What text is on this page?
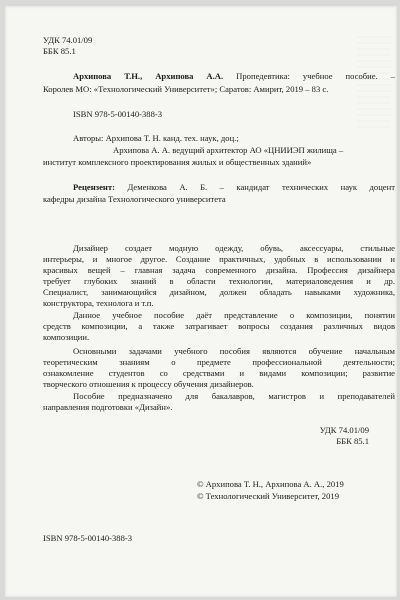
УДК 74.01/09

ББК 85.1

Архипова Т.Н., Архипова А.А. Пропедевтика: учебное пособие. –

Королев МО: «Технологический Университет»; Саратов: Амирит, 2019 – 83 с.

ISBN 978-5-00140-388-3

Авторы: Архипова Т. Н. канд. тех. наук, доц.;

Архипова А. А. ведущий архитектор АО «ЦНИИЭП жилища –

институт комплексного проектирования жилых и общественных зданий»

Рецензент: Деменкова А. Б. – кандидат технических наук доцент

кафедры дизайна Технологического университета

Дизайнер создает модную одежду, обувь, аксессуары, стильные

интерьеры, и многое другое. Создание практичных, удобных в использовании и

красивых вещей – главная задача современного дизайна. Профессия дизайнера

требует глубоких знаний в области технологии, материаловедения и др.

Специалист, занимающийся дизайном, должен обладать навыками художника,

конструктора, технолога и т.п.

Данное учебное пособие даёт представление о композиции, понятии

средств композиции, а также затрагивает вопросы создания различных видов

композиции.

Основными задачами учебного пособия являются обучение начальным

теоретическим знаниям о предмете профессиональной деятельности;

ознакомление студентов со средствами и видами композиции; развитие

творческого отношения к процессу обучения дизайнеров.

Пособие предназначено для бакалавров, магистров и преподавателей

направления подготовки «Дизайн».

УДК 74.01/09

ББК 85.1

© Архипова Т. Н., Архипова А. А., 2019

© Технологический Университет, 2019

ISBN 978-5-00140-388-3
